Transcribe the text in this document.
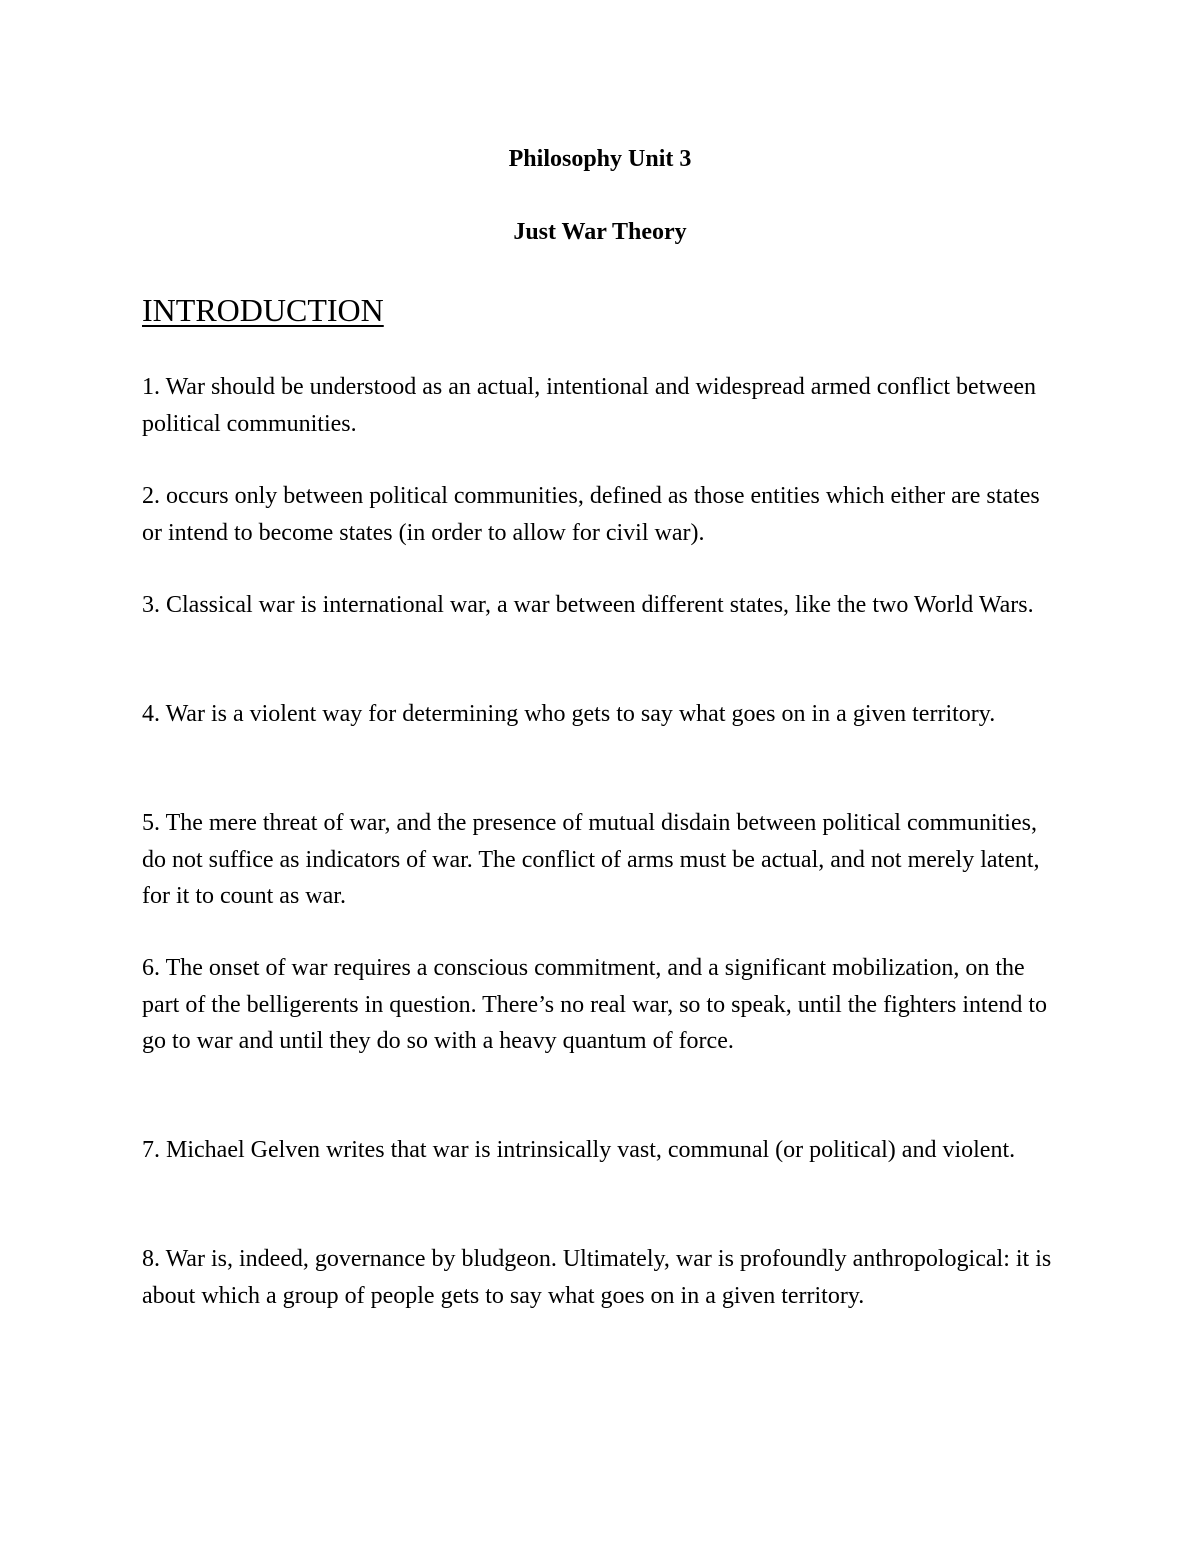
Philosophy Unit 3
Just War Theory
INTRODUCTION

1. War should be understood as an actual, intentional and widespread armed conflict between political communities.

2. occurs only between political communities, defined as those entities which either are states or intend to become states (in order to allow for civil war).

3. Classical war is international war, a war between different states, like the two World Wars.

4. War is a violent way for determining who gets to say what goes on in a given territory.

5. The mere threat of war, and the presence of mutual disdain between political communities, do not suffice as indicators of war. The conflict of arms must be actual, and not merely latent, for it to count as war.

6. The onset of war requires a conscious commitment, and a significant mobilization, on the part of the belligerents in question. There’s no real war, so to speak, until the fighters intend to go to war and until they do so with a heavy quantum of force.

7. Michael Gelven writes that war is intrinsically vast, communal (or political) and violent.

8. War is, indeed, governance by bludgeon. Ultimately, war is profoundly anthropological: it is about which a group of people gets to say what goes on in a given territory.
